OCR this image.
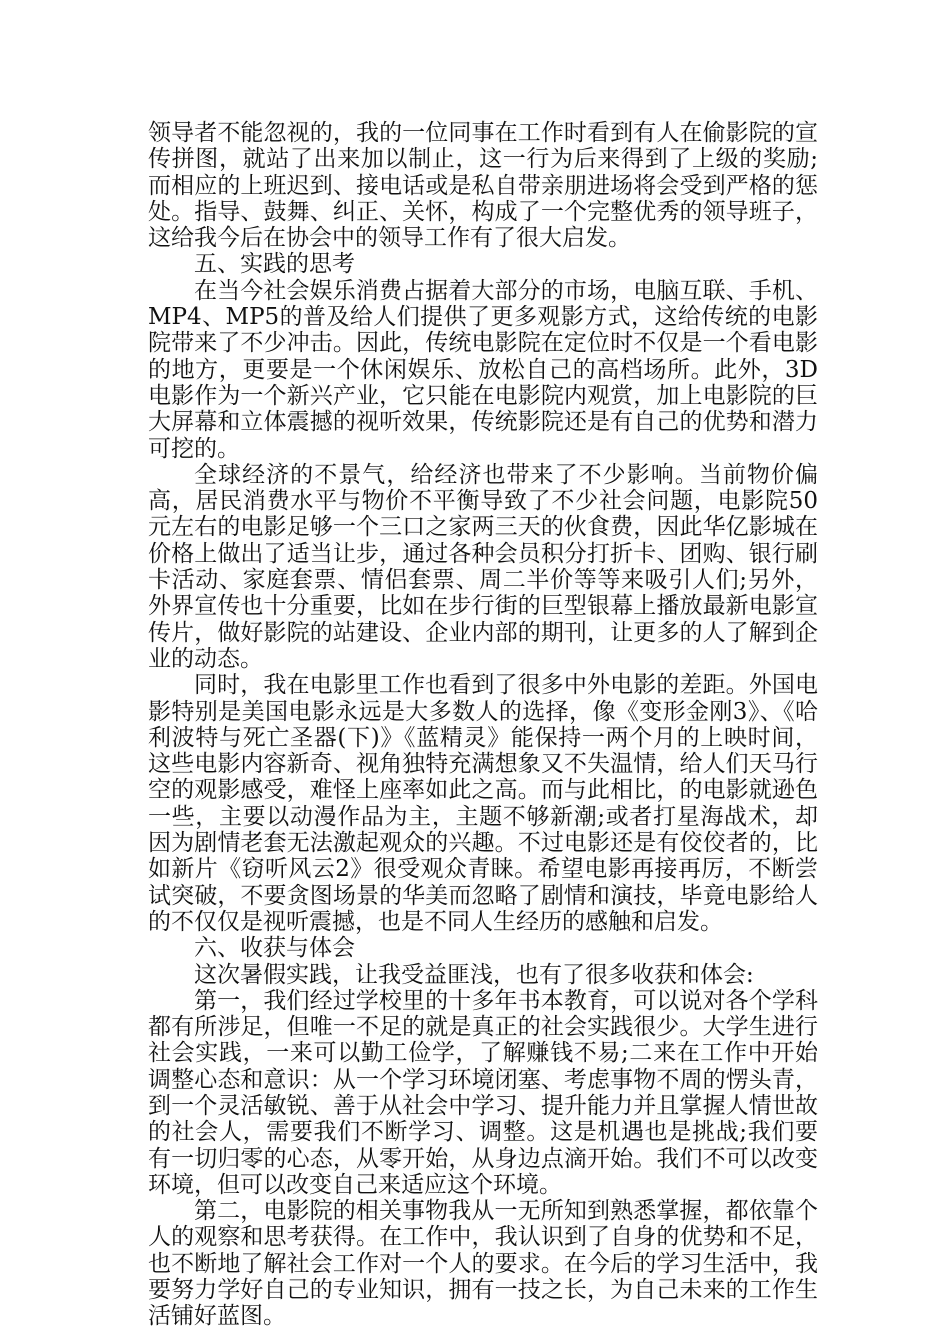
领导者不能忽视的，我的一位同事在工作时看到有人在偷影院的宣传拼图，就站了出来加以制止，这一行为后来得到了上级的奖励;而相应的上班迟到、接电话或是私自带亲朋进场将会受到严格的惩处。指导、鼓舞、纠正、关怀，构成了一个完整优秀的领导班子，这给我今后在协会中的领导工作有了很大启发。

五、实践的思考

在当今社会娱乐消费占据着大部分的市场，电脑互联、手机、MP4、MP5的普及给人们提供了更多观影方式，这给传统的电影院带来了不少冲击。因此，传统电影院在定位时不仅是一个看电影的地方，更要是一个休闲娱乐、放松自己的高档场所。此外，3D电影作为一个新兴产业，它只能在电影院内观赏，加上电影院的巨大屏幕和立体震撼的视听效果，传统影院还是有自己的优势和潜力可挖的。

全球经济的不景气，给经济也带来了不少影响。当前物价偏高，居民消费水平与物价不平衡导致了不少社会问题，电影院50元左右的电影足够一个三口之家两三天的伙食费，因此华亿影城在价格上做出了适当让步，通过各种会员积分打折卡、团购、银行刷卡活动、家庭套票、情侣套票、周二半价等等来吸引人们;另外，外界宣传也十分重要，比如在步行街的巨型银幕上播放最新电影宣传片，做好影院的站建设、企业内部的期刊，让更多的人了解到企业的动态。

同时，我在电影里工作也看到了很多中外电影的差距。外国电影特别是美国电影永远是大多数人的选择，像《变形金刚3》、《哈利波特与死亡圣器(下)》《蓝精灵》能保持一两个月的上映时间，这些电影内容新奇、视角独特充满想象又不失温情，给人们天马行空的观影感受，难怪上座率如此之高。而与此相比，的电影就逊色一些，主要以动漫作品为主，主题不够新潮;或者打星海战术，却因为剧情老套无法激起观众的兴趣。不过电影还是有佼佼者的，比如新片《窃听风云2》很受观众青睐。希望电影再接再厉，不断尝试突破，不要贪图场景的华美而忽略了剧情和演技，毕竟电影给人的不仅仅是视听震撼，也是不同人生经历的感触和启发。

六、收获与体会

这次暑假实践，让我受益匪浅，也有了很多收获和体会:

第一，我们经过学校里的十多年书本教育，可以说对各个学科都有所涉足，但唯一不足的就是真正的社会实践很少。大学生进行社会实践，一来可以勤工俭学，了解赚钱不易;二来在工作中开始调整心态和意识：从一个学习环境闭塞、考虑事物不周的愣头青，到一个灵活敏锐、善于从社会中学习、提升能力并且掌握人情世故的社会人，需要我们不断学习、调整。这是机遇也是挑战;我们要有一切归零的心态，从零开始，从身边点滴开始。我们不可以改变环境，但可以改变自己来适应这个环境。

第二，电影院的相关事物我从一无所知到熟悉掌握，都依靠个人的观察和思考获得。在工作中，我认识到了自身的优势和不足，也不断地了解社会工作对一个人的要求。在今后的学习生活中，我要努力学好自己的专业知识，拥有一技之长，为自己未来的工作生活铺好蓝图。
